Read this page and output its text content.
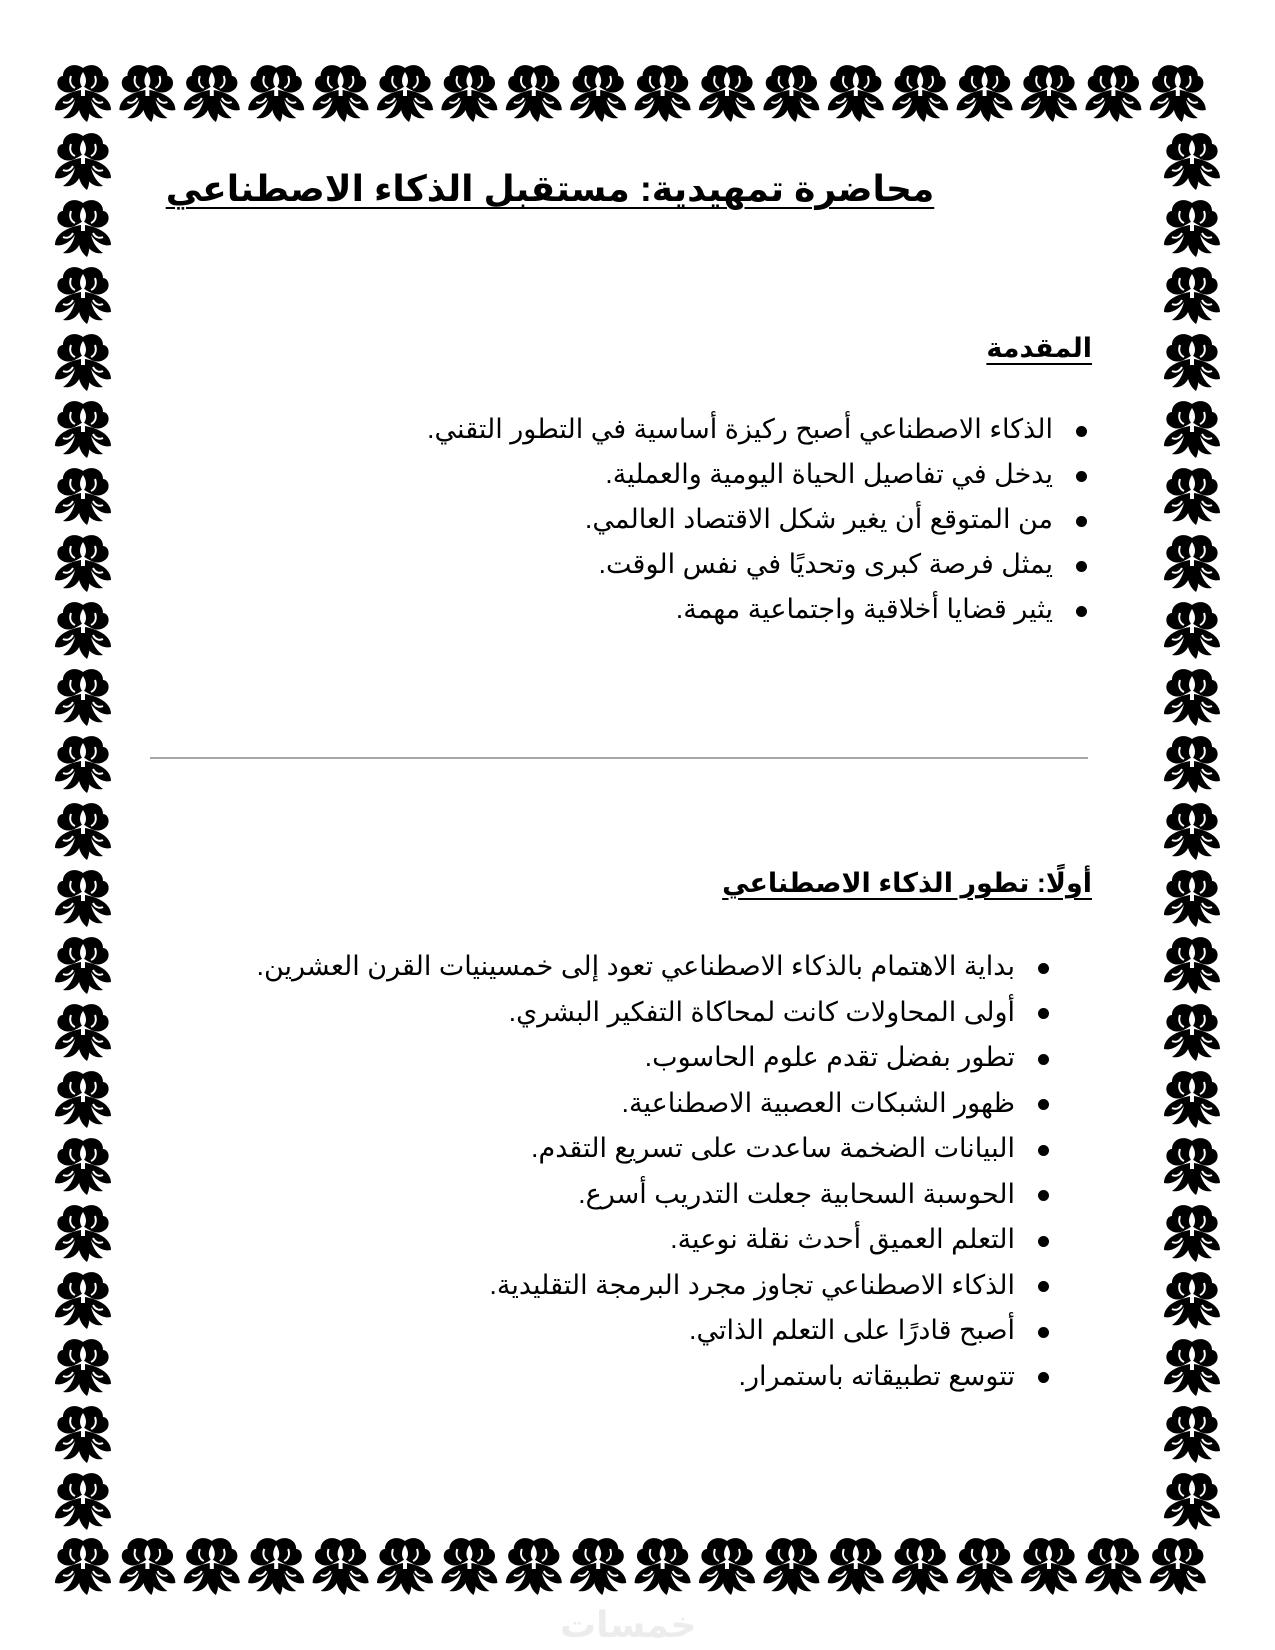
محاضرة تمهيدية: مستقبل الذكاء الاصطناعي
المقدمة
الذكاء الاصطناعي أصبح ركيزة أساسية في التطور التقني.
يدخل في تفاصيل الحياة اليومية والعملية.
من المتوقع أن يغير شكل الاقتصاد العالمي.
يمثل فرصة كبرى وتحديًا في نفس الوقت.
يثير قضايا أخلاقية واجتماعية مهمة.
أولًا: تطور الذكاء الاصطناعي
بداية الاهتمام بالذكاء الاصطناعي تعود إلى خمسينيات القرن العشرين.
أولى المحاولات كانت لمحاكاة التفكير البشري.
تطور بفضل تقدم علوم الحاسوب.
ظهور الشبكات العصبية الاصطناعية.
البيانات الضخمة ساعدت على تسريع التقدم.
الحوسبة السحابية جعلت التدريب أسرع.
التعلم العميق أحدث نقلة نوعية.
الذكاء الاصطناعي تجاوز مجرد البرمجة التقليدية.
أصبح قادرًا على التعلم الذاتي.
تتوسع تطبيقاته باستمرار.
خمسات
